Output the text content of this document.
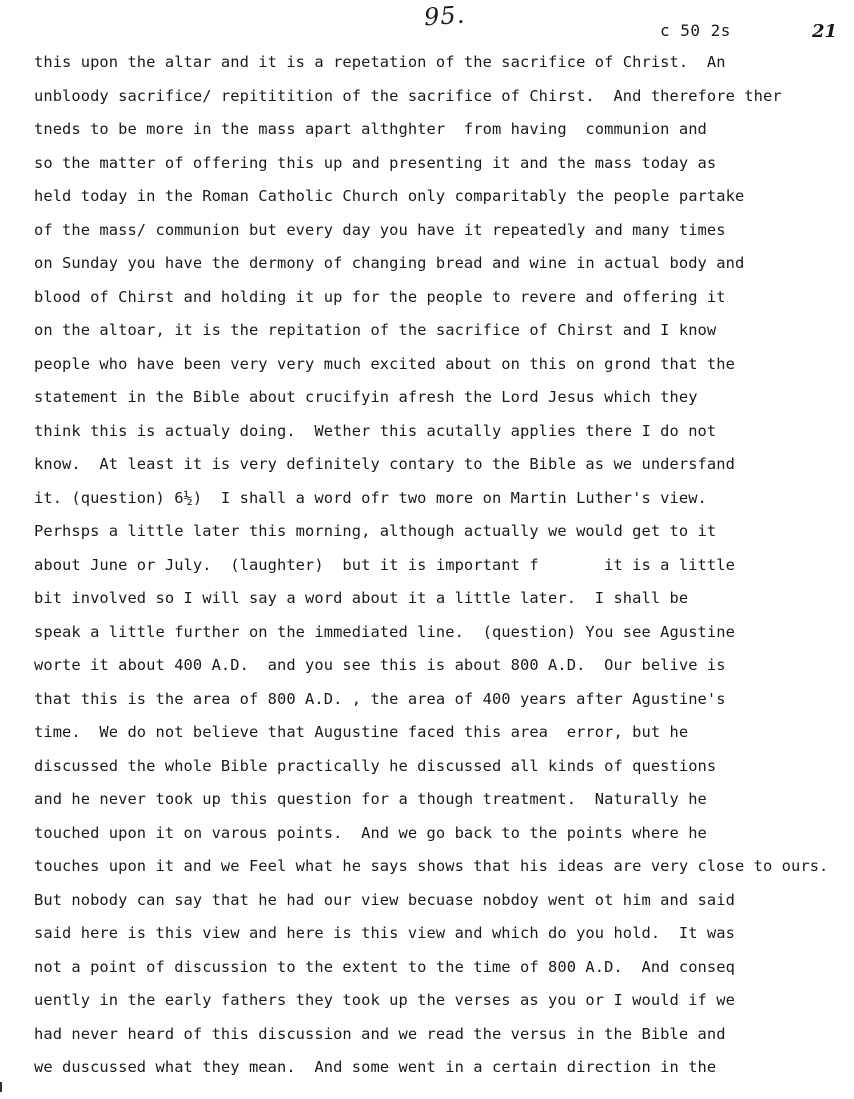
95.	c 50 2s	21
this upon the altar and it is a repetation of the sacrifice of Christ.  An
unbloody sacrifice/ repititition of the sacrifice of Chirst.  And therefore ther
tneds to be more in the mass apart althghter  from having  communion and
so the matter of offering this up and presenting it and the mass today as
held today in the Roman Catholic Church only comparitably the people partake
of the mass/ communion but every day you have it repeatedly and many times
on Sunday you have the dermony of changing bread and wine in actual body and
blood of Chirst and holding it up for the people to revere and offering it
on the altoar, it is the repitation of the sacrifice of Chirst and I know
people who have been very very much excited about on this on grond that the
statement in the Bible about crucifyin afresh the Lord Jesus which they
think this is actualy doing.  Wether this acutally applies there I do not
know.  At least it is very definitely contary to the Bible as we undersfand
it. (question) 6½)  I shall a word ofr two more on Martin Luther's view.
Perhsps a little later this morning, although actually we would get to it
about June or July.  (laughter)  but it is important f       it is a little
bit involved so I will say a word about it a little later.  I shall be
speak a little further on the immediated line.  (question) You see Agustine
worte it about 400 A.D.  and you see this is about 800 A.D.  Our belive is
that this is the area of 800 A.D. , the area of 400 years after Agustine's
time.  We do not believe that Augustine faced this area  error, but he
discussed the whole Bible practically he discussed all kinds of questions
and he never took up this question for a though treatment.  Naturally he
touched upon it on varous points.  And we go back to the points where he
touches upon it and we Feel what he says shows that his ideas are very close to ours.
But nobody can say that he had our view becuase nobdoy went ot him and said
said here is this view and here is this view and which do you hold.  It was
not a point of discussion to the extent to the time of 800 A.D.  And conseq
uently in the early fathers they took up the verses as you or I would if we
had never heard of this discussion and we read the versus in the Bible and
we duscussed what they mean.  And some went in a certain direction in the
